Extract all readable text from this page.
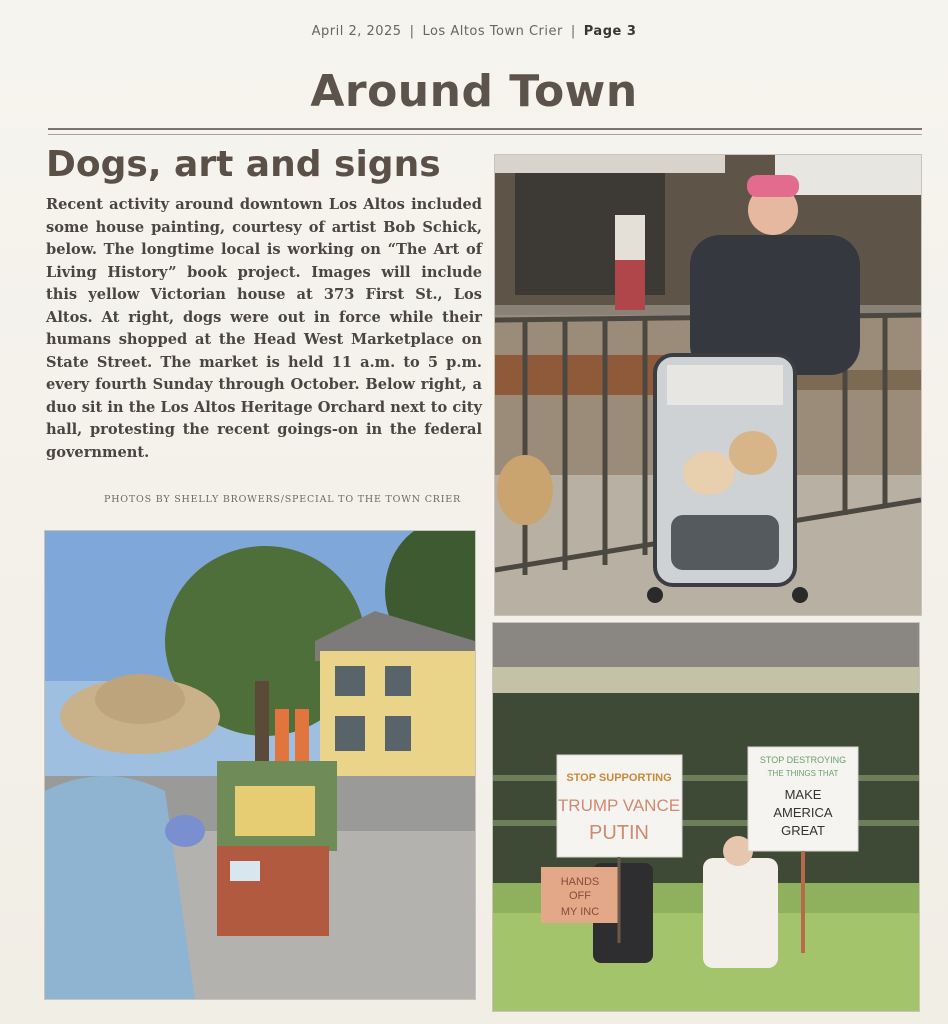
April 2, 2025 | Los Altos Town Crier | Page 3
Around Town
Dogs, art and signs
Recent activity around downtown Los Altos included some house painting, courtesy of artist Bob Schick, below. The longtime local is working on “The Art of Living History” book project. Images will include this yellow Victorian house at 373 First St., Los Altos. At right, dogs were out in force while their humans shopped at the Head West Marketplace on State Street. The market is held 11 a.m. to 5 p.m. every fourth Sunday through October. Below right, a duo sit in the Los Altos Heritage Orchard next to city hall, protesting the recent goings-on in the federal government.
PHOTOS BY SHELLY BROWERS/SPECIAL TO THE TOWN CRIER
STOP SUPPORTING
TRUMP VANCE
PUTIN
STOP DESTROYING
THE THINGS THAT
MAKE
AMERICA
GREAT
HANDS
OFF
MY INC
